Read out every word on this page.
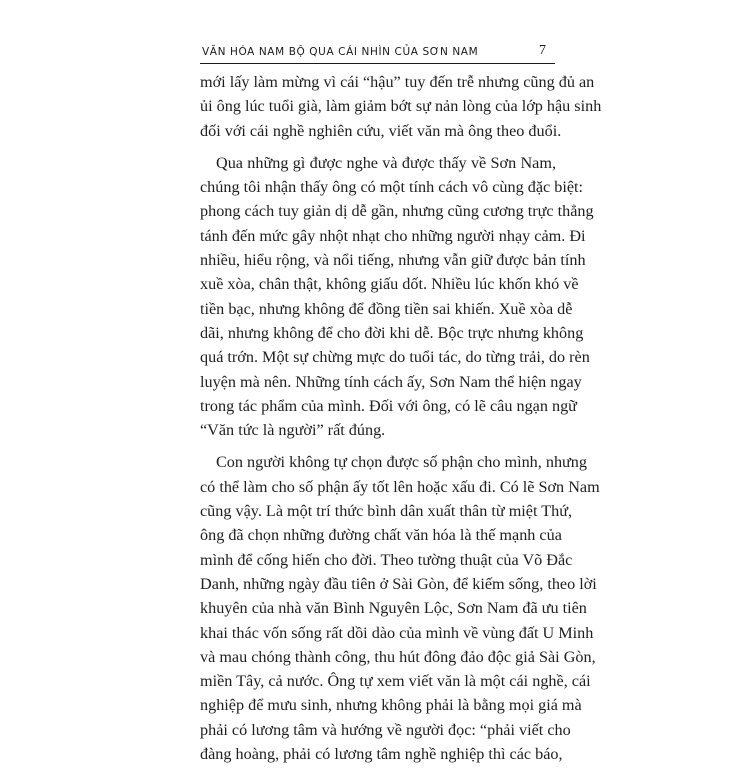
VĂN HÓA NAM BỘ QUA CÁI NHÌN CỦA SƠN NAM	7
mới lấy làm mừng vì cái “hậu” tuy đến trễ nhưng cũng đủ an
ủi ông lúc tuổi già, làm giảm bớt sự nản lòng của lớp hậu sinh
đối với cái nghề nghiên cứu, viết văn mà ông theo đuổi.
Qua những gì được nghe và được thấy về Sơn Nam,
chúng tôi nhận thấy ông có một tính cách vô cùng đặc biệt:
phong cách tuy giản dị dễ gần, nhưng cũng cương trực thẳng
tánh đến mức gây nhột nhạt cho những người nhạy cảm. Đi
nhiều, hiểu rộng, và nổi tiếng, nhưng vẫn giữ được bản tính
xuề xòa, chân thật, không giấu dốt. Nhiều lúc khốn khó về
tiền bạc, nhưng không để đồng tiền sai khiến. Xuề xòa dễ
dãi, nhưng không để cho đời khi dễ. Bộc trực nhưng không
quá trớn. Một sự chừng mực do tuổi tác, do từng trải, do rèn
luyện mà nên. Những tính cách ấy, Sơn Nam thể hiện ngay
trong tác phẩm của mình. Đối với ông, có lẽ câu ngạn ngữ
“Văn tức là người” rất đúng.
Con người không tự chọn được số phận cho mình, nhưng
có thể làm cho số phận ấy tốt lên hoặc xấu đi. Có lẽ Sơn Nam
cũng vậy. Là một trí thức bình dân xuất thân từ miệt Thứ,
ông đã chọn những đường chất văn hóa là thế mạnh của
mình để cống hiến cho đời. Theo tường thuật của Võ Đắc
Danh, những ngày đầu tiên ở Sài Gòn, để kiếm sống, theo lời
khuyên của nhà văn Bình Nguyên Lộc, Sơn Nam đã ưu tiên
khai thác vốn sống rất dồi dào của mình về vùng đất U Minh
và mau chóng thành công, thu hút đông đảo độc giả Sài Gòn,
miền Tây, cả nước. Ông tự xem viết văn là một cái nghề, cái
nghiệp để mưu sinh, nhưng không phải là bằng mọi giá mà
phải có lương tâm và hướng về người đọc: “phải viết cho
đàng hoàng, phải có lương tâm nghề nghiệp thì các báo,
